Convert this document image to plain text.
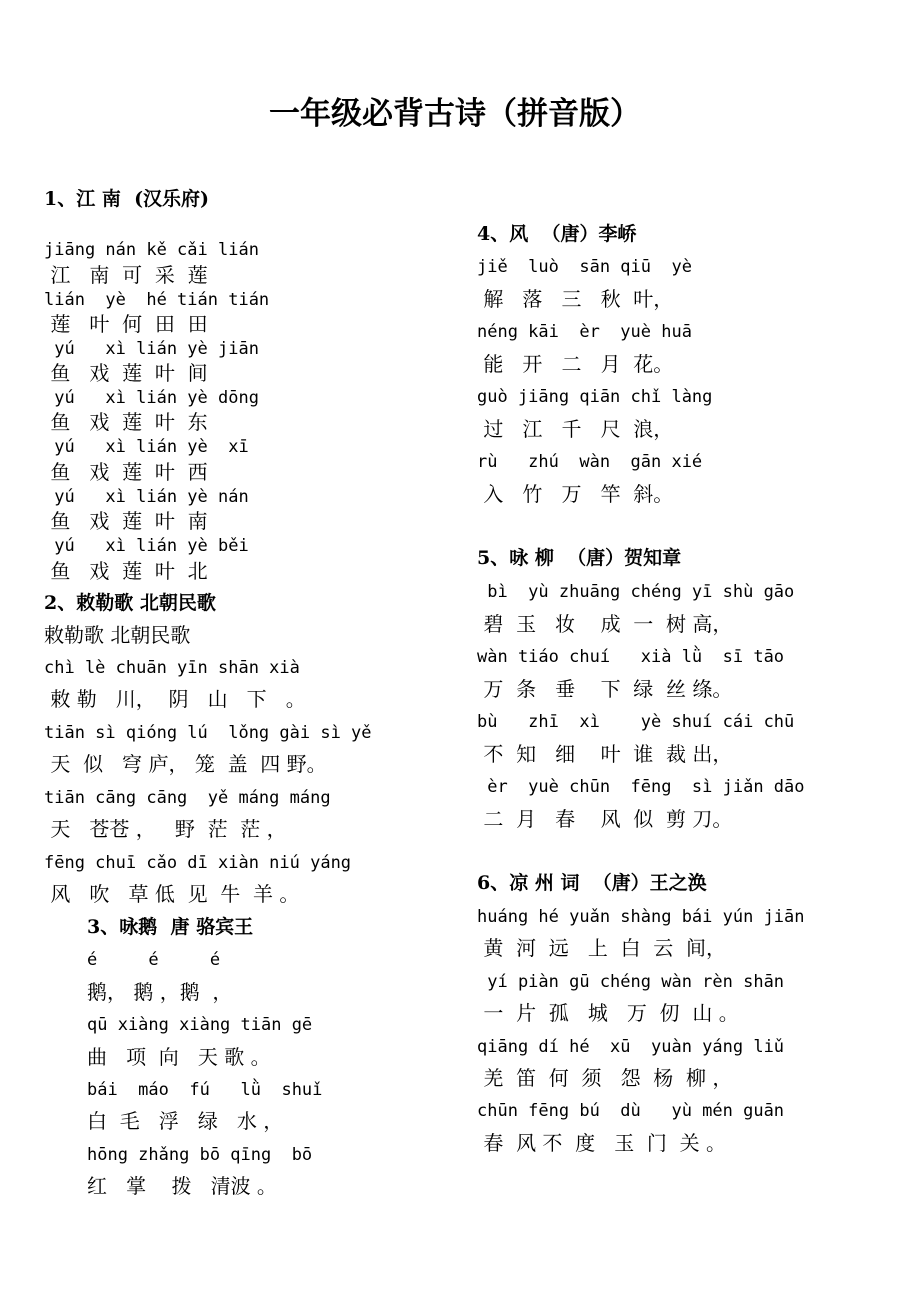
一年级必背古诗（拼音版）
1、江 南  (汉乐府)
jiāng nán kě cǎi lián
江   南  可  采  莲
lián  yè  hé tián tián
莲   叶  何  田  田
yú   xì lián yè jiān
鱼   戏  莲  叶  间
yú   xì lián yè dōng
鱼   戏  莲  叶  东
yú   xì lián yè  xī
鱼   戏  莲  叶  西
yú   xì lián yè nán
鱼   戏  莲  叶  南
yú   xì lián yè běi
鱼   戏  莲  叶  北
2、敕勒歌 北朝民歌
敕勒歌 北朝民歌
chì lè chuān yīn shān xià
敕 勒   川，  阴   山   下   。
tiān sì qióng lú  lǒng gài sì yě
天  似   穹 庐， 笼  盖  四 野。
tiān cāng cāng  yě máng máng
天   苍苍 ，   野  茫  茫 ，
fēng chuī cǎo dī xiàn niú yáng
风   吹   草 低  见  牛  羊 。
3、咏鹅  唐 骆宾王
é     é     é
鹅， 鹅 ，鹅  ，
qū xiàng xiàng tiān gē
曲   项  向   天 歌 。
bái  máo  fú   lǜ  shuǐ
白  毛   浮   绿   水 ，
hōng zhǎng bō qīng  bō
红   掌    拨   清波 。
4、风  （唐）李峤
jiě  luò  sān qiū  yè
解   落   三   秋  叶，
néng kāi  èr  yuè huā
能   开   二   月  花。
guò jiāng qiān chǐ làng
过   江   千   尺  浪，
rù   zhú  wàn  gān xié
入   竹   万   竿  斜。
5、咏 柳  （唐）贺知章
bì  yù zhuāng chéng yī shù gāo
碧  玉   妆    成  一  树 高，
wàn tiáo chuí   xià lǜ  sī tāo
万  条   垂    下  绿  丝 绦。
bù   zhī  xì    yè shuí cái chū
不  知   细    叶  谁  裁 出，
èr  yuè chūn  fēng  sì jiǎn dāo
二  月   春    风  似  剪 刀。
6、凉 州 词  （唐）王之涣
huáng hé yuǎn shàng bái yún jiān
黄  河  远   上  白  云  间，
yí piàn gū chéng wàn rèn shān
一  片  孤   城   万  仞  山 。
qiāng dí hé  xū  yuàn yáng liǔ
羌  笛  何  须   怨  杨  柳 ，
chūn fēng bú  dù   yù mén guān
春  风 不  度   玉  门  关 。
